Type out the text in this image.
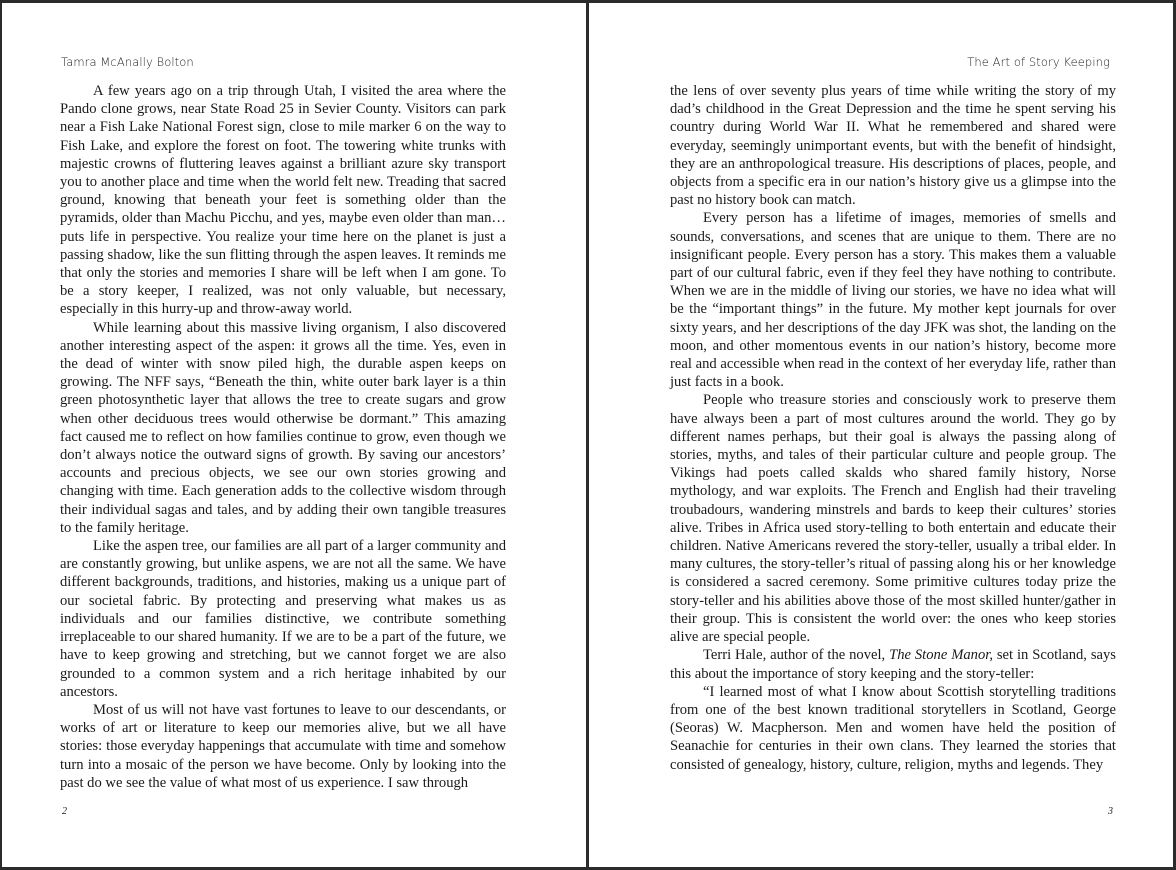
Tamra McAnally Bolton

A few years ago on a trip through Utah, I visited the area where the Pando clone grows, near State Road 25 in Sevier County. Visitors can park near a Fish Lake National Forest sign, close to mile marker 6 on the way to Fish Lake, and explore the forest on foot. The towering white trunks with majestic crowns of fluttering leaves against a brilliant azure sky transport you to another place and time when the world felt new. Treading that sacred ground, knowing that beneath your feet is something older than the pyramids, older than Machu Picchu, and yes, maybe even older than man…puts life in perspective. You realize your time here on the planet is just a passing shadow, like the sun flitting through the aspen leaves. It reminds me that only the stories and memories I share will be left when I am gone. To be a story keeper, I realized, was not only valuable, but necessary, especially in this hurry-up and throw-away world.

While learning about this massive living organism, I also discovered another interesting aspect of the aspen: it grows all the time. Yes, even in the dead of winter with snow piled high, the durable aspen keeps on growing. The NFF says, “Beneath the thin, white outer bark layer is a thin green photosynthetic layer that allows the tree to create sugars and grow when other deciduous trees would otherwise be dormant.” This amazing fact caused me to reflect on how families continue to grow, even though we don’t always notice the outward signs of growth. By saving our ancestors’ accounts and precious objects, we see our own stories growing and changing with time. Each generation adds to the collective wisdom through their individual sagas and tales, and by adding their own tangible treasures to the family heritage.

Like the aspen tree, our families are all part of a larger community and are constantly growing, but unlike aspens, we are not all the same. We have different backgrounds, traditions, and histories, making us a unique part of our societal fabric. By protecting and preserving what makes us as individuals and our families distinctive, we contribute something irreplaceable to our shared humanity. If we are to be a part of the future, we have to keep growing and stretching, but we cannot forget we are also grounded to a common system and a rich heritage inhabited by our ancestors.

Most of us will not have vast fortunes to leave to our descendants, or works of art or literature to keep our memories alive, but we all have stories: those everyday happenings that accumulate with time and somehow turn into a mosaic of the person we have become. Only by looking into the past do we see the value of what most of us experience. I saw through

2
The Art of Story Keeping

the lens of over seventy plus years of time while writing the story of my dad’s childhood in the Great Depression and the time he spent serving his country during World War II. What he remembered and shared were everyday, seemingly unimportant events, but with the benefit of hindsight, they are an anthropological treasure. His descriptions of places, people, and objects from a specific era in our nation’s history give us a glimpse into the past no history book can match.

Every person has a lifetime of images, memories of smells and sounds, conversations, and scenes that are unique to them. There are no insignificant people. Every person has a story. This makes them a valuable part of our cultural fabric, even if they feel they have nothing to contribute. When we are in the middle of living our stories, we have no idea what will be the “important things” in the future. My mother kept journals for over sixty years, and her descriptions of the day JFK was shot, the landing on the moon, and other momentous events in our nation’s history, become more real and accessible when read in the context of her everyday life, rather than just facts in a book.

People who treasure stories and consciously work to preserve them have always been a part of most cultures around the world. They go by different names perhaps, but their goal is always the passing along of stories, myths, and tales of their particular culture and people group. The Vikings had poets called skalds who shared family history, Norse mythology, and war exploits. The French and English had their traveling troubadours, wandering minstrels and bards to keep their cultures’ stories alive. Tribes in Africa used story-telling to both entertain and educate their children. Native Americans revered the story-teller, usually a tribal elder. In many cultures, the story-teller’s ritual of passing along his or her knowledge is considered a sacred ceremony. Some primitive cultures today prize the story-teller and his abilities above those of the most skilled hunter/gather in their group. This is consistent the world over: the ones who keep stories alive are special people.

Terri Hale, author of the novel, The Stone Manor, set in Scotland, says this about the importance of story keeping and the story-teller:

“I learned most of what I know about Scottish storytelling traditions from one of the best known traditional storytellers in Scotland, George (Seoras) W. Macpherson. Men and women have held the position of Seanachie for centuries in their own clans. They learned the stories that consisted of genealogy, history, culture, religion, myths and legends. They

3
